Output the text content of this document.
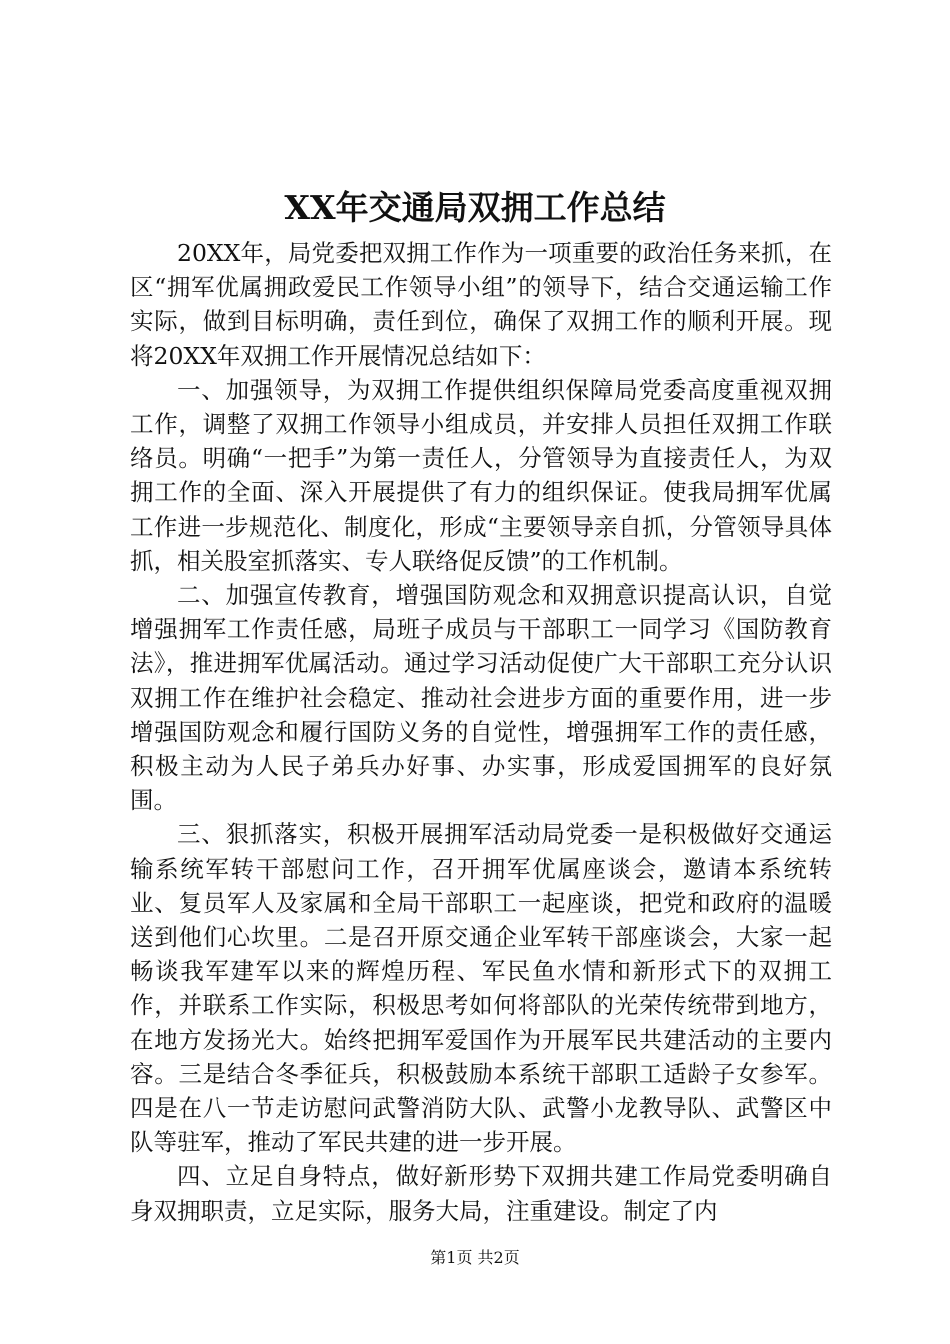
XX年交通局双拥工作总结

20XX年，局党委把双拥工作作为一项重要的政治任务来抓，在区“拥军优属拥政爱民工作领导小组”的领导下，结合交通运输工作实际，做到目标明确，责任到位，确保了双拥工作的顺利开展。现将20XX年双拥工作开展情况总结如下：

一、加强领导，为双拥工作提供组织保障局党委高度重视双拥工作，调整了双拥工作领导小组成员，并安排人员担任双拥工作联络员。明确“一把手”为第一责任人，分管领导为直接责任人，为双拥工作的全面、深入开展提供了有力的组织保证。使我局拥军优属工作进一步规范化、制度化，形成“主要领导亲自抓，分管领导具体抓，相关股室抓落实、专人联络促反馈”的工作机制。

二、加强宣传教育，增强国防观念和双拥意识提高认识，自觉增强拥军工作责任感，局班子成员与干部职工一同学习《国防教育法》，推进拥军优属活动。通过学习活动促使广大干部职工充分认识双拥工作在维护社会稳定、推动社会进步方面的重要作用，进一步增强国防观念和履行国防义务的自觉性，增强拥军工作的责任感，积极主动为人民子弟兵办好事、办实事，形成爱国拥军的良好氛围。

三、狠抓落实，积极开展拥军活动局党委一是积极做好交通运输系统军转干部慰问工作，召开拥军优属座谈会，邀请本系统转业、复员军人及家属和全局干部职工一起座谈，把党和政府的温暖送到他们心坎里。二是召开原交通企业军转干部座谈会，大家一起畅谈我军建军以来的辉煌历程、军民鱼水情和新形式下的双拥工作，并联系工作实际，积极思考如何将部队的光荣传统带到地方，在地方发扬光大。始终把拥军爱国作为开展军民共建活动的主要内容。三是结合冬季征兵，积极鼓励本系统干部职工适龄子女参军。四是在八一节走访慰问武警消防大队、武警小龙教导队、武警区中队等驻军，推动了军民共建的进一步开展。

四、立足自身特点，做好新形势下双拥共建工作局党委明确自身双拥职责，立足实际，服务大局，注重建设。制定了内

第1页 共2页
